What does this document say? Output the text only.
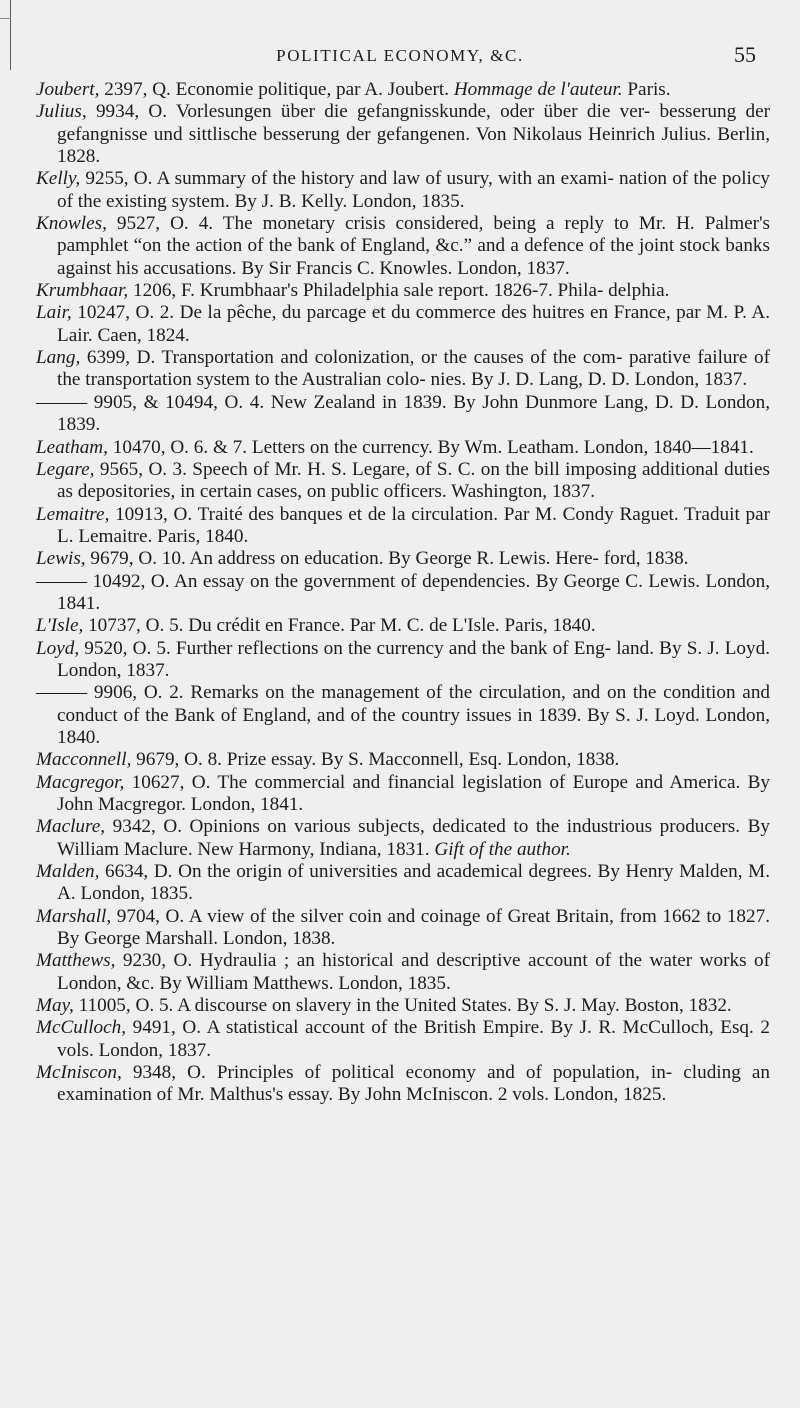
POLITICAL ECONOMY, &C.	55

Joubert, 2397, Q. Economie politique, par A. Joubert. Hommage de l'auteur. Paris.

Julius, 9934, O. Vorlesungen über die gefangnisskunde, oder über die ver- besserung der gefangnisse und sittlische besserung der gefangenen. Von Nikolaus Heinrich Julius. Berlin, 1828.

Kelly, 9255, O. A summary of the history and law of usury, with an exami- nation of the policy of the existing system. By J. B. Kelly. London, 1835.

Knowles, 9527, O. 4. The monetary crisis considered, being a reply to Mr. H. Palmer's pamphlet “on the action of the bank of England, &c.” and a defence of the joint stock banks against his accusations. By Sir Francis C. Knowles. London, 1837.

Krumbhaar, 1206, F. Krumbhaar's Philadelphia sale report. 1826-7. Phila- delphia.

Lair, 10247, O. 2. De la pêche, du parcage et du commerce des huitres en France, par M. P. A. Lair. Caen, 1824.

Lang, 6399, D. Transportation and colonization, or the causes of the com- parative failure of the transportation system to the Australian colo- nies. By J. D. Lang, D. D. London, 1837.

——— 9905, & 10494, O. 4. New Zealand in 1839. By John Dunmore Lang, D. D. London, 1839.

Leatham, 10470, O. 6. & 7. Letters on the currency. By Wm. Leatham. London, 1840—1841.

Legare, 9565, O. 3. Speech of Mr. H. S. Legare, of S. C. on the bill imposing additional duties as depositories, in certain cases, on public officers. Washington, 1837.

Lemaitre, 10913, O. Traité des banques et de la circulation. Par M. Condy Raguet. Traduit par L. Lemaitre. Paris, 1840.

Lewis, 9679, O. 10. An address on education. By George R. Lewis. Here- ford, 1838.

——— 10492, O. An essay on the government of dependencies. By George C. Lewis. London, 1841.

L'Isle, 10737, O. 5. Du crédit en France. Par M. C. de L'Isle. Paris, 1840.

Loyd, 9520, O. 5. Further reflections on the currency and the bank of Eng- land. By S. J. Loyd. London, 1837.

——— 9906, O. 2. Remarks on the management of the circulation, and on the condition and conduct of the Bank of England, and of the country issues in 1839. By S. J. Loyd. London, 1840.

Macconnell, 9679, O. 8. Prize essay. By S. Macconnell, Esq. London, 1838.

Macgregor, 10627, O. The commercial and financial legislation of Europe and America. By John Macgregor. London, 1841.

Maclure, 9342, O. Opinions on various subjects, dedicated to the industrious producers. By William Maclure. New Harmony, Indiana, 1831. Gift of the author.

Malden, 6634, D. On the origin of universities and academical degrees. By Henry Malden, M. A. London, 1835.

Marshall, 9704, O. A view of the silver coin and coinage of Great Britain, from 1662 to 1827. By George Marshall. London, 1838.

Matthews, 9230, O. Hydraulia ; an historical and descriptive account of the water works of London, &c. By William Matthews. London, 1835.

May, 11005, O. 5. A discourse on slavery in the United States. By S. J. May. Boston, 1832.

McCulloch, 9491, O. A statistical account of the British Empire. By J. R. McCulloch, Esq. 2 vols. London, 1837.

McIniscon, 9348, O. Principles of political economy and of population, in- cluding an examination of Mr. Malthus's essay. By John McIniscon. 2 vols. London, 1825.
